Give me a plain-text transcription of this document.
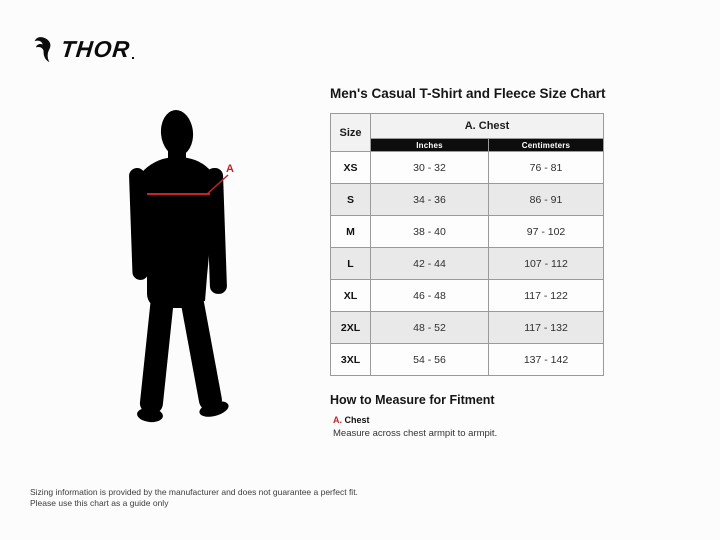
THOR
A
Men's Casual T-Shirt and Fleece Size Chart
Size	A. Chest	
	Inches	Centimeters
XS	30 - 32	76 - 81
S	34 - 36	86 - 91
M	38 - 40	97 - 102
L	42 - 44	107 - 112
XL	46 - 48	117 - 122
2XL	48 - 52	117 - 132
3XL	54 - 56	137 - 142
How to Measure for Fitment
A. Chest
Measure across chest armpit to armpit.
Sizing information is provided by the manufacturer and does not guarantee a perfect fit.
Please use this chart as a guide only
